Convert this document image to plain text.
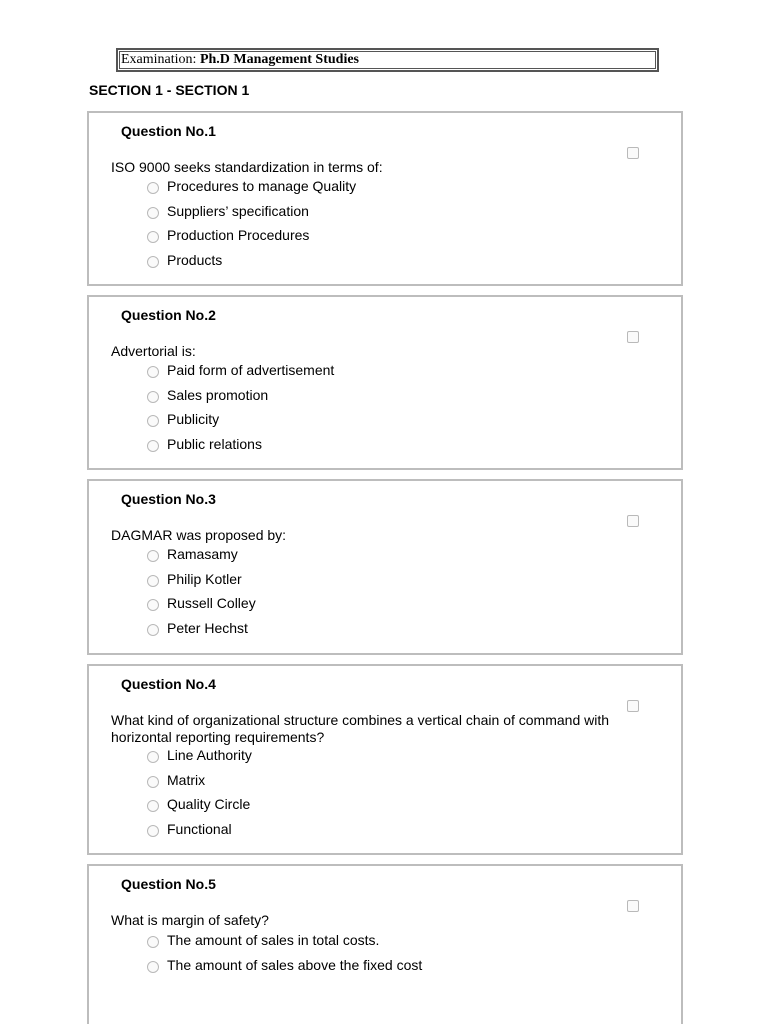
Examination: Ph.D Management Studies
SECTION 1 - SECTION 1
Question No.1
ISO 9000 seeks standardization in terms of:
Procedures to manage Quality
Suppliers’ specification
Production Procedures
Products
Question No.2
Advertorial is:
Paid form of advertisement
Sales promotion
Publicity
Public relations
Question No.3
DAGMAR was proposed by:
Ramasamy
Philip Kotler
Russell Colley
Peter Hechst
Question No.4
What kind of organizational structure combines a vertical chain of command with horizontal reporting requirements?
Line Authority
Matrix
Quality Circle
Functional
Question No.5
What is margin of safety?
The amount of sales in total costs.
The amount of sales above the fixed cost
